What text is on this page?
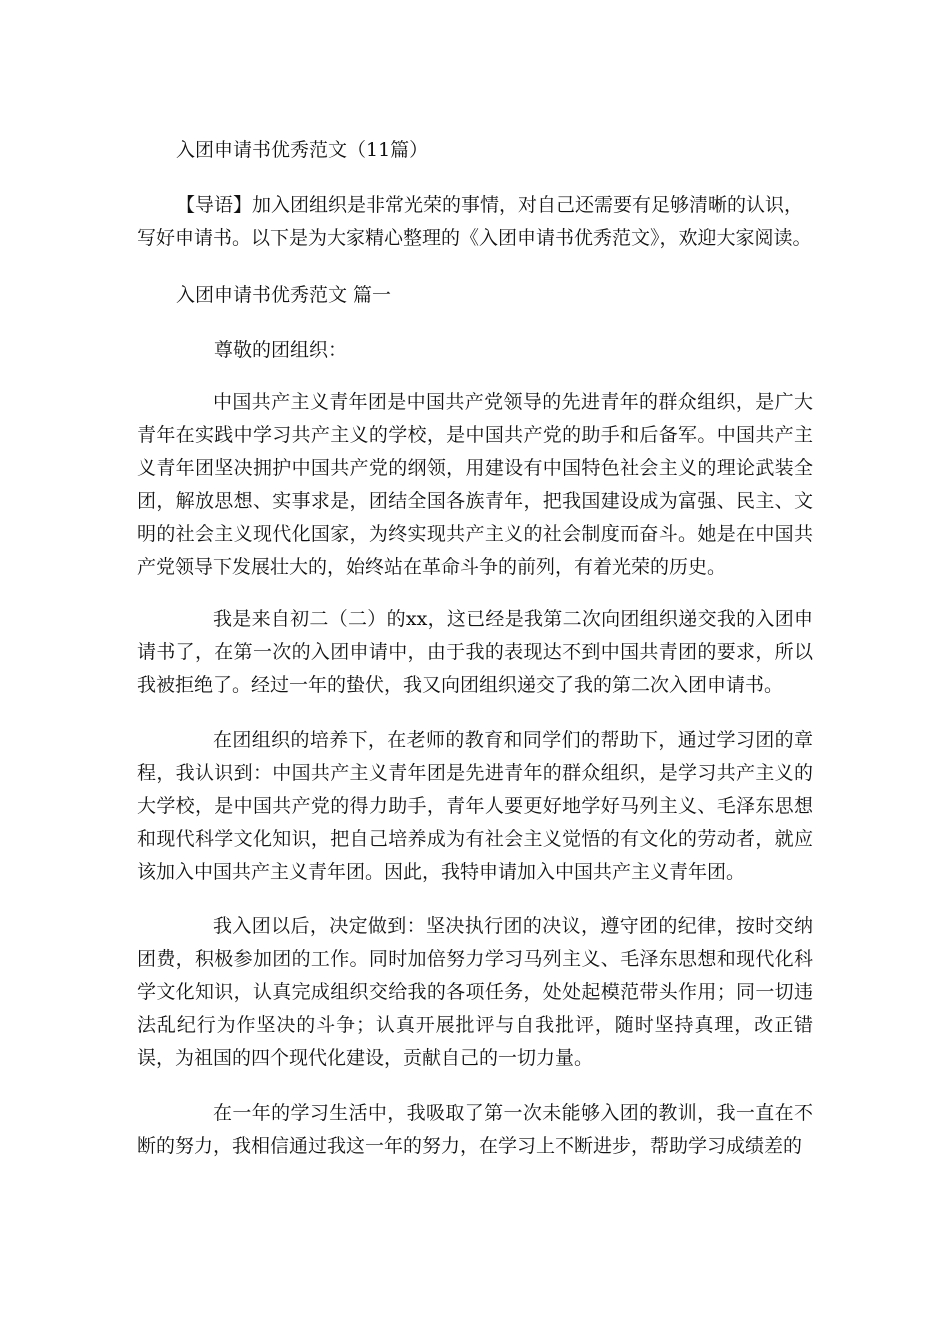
入团申请书优秀范文（11篇）
【导语】加入团组织是非常光荣的事情，对自己还需要有足够清晰的认识，
写好申请书。以下是为大家精心整理的《入团申请书优秀范文》，欢迎大家阅读。
入团申请书优秀范文 篇一
尊敬的团组织：

中国共产主义青年团是中国共产党领导的先进青年的群众组织，是广大青年在实践中学习共产主义的学校，是中国共产党的助手和后备军。中国共产主义青年团坚决拥护中国共产党的纲领，用建设有中国特色社会主义的理论武装全团，解放思想、实事求是，团结全国各族青年，把我国建设成为富强、民主、文明的社会主义现代化国家，为终实现共产主义的社会制度而奋斗。她是在中国共产党领导下发展壮大的，始终站在革命斗争的前列，有着光荣的历史。

我是来自初二（二）的xx，这已经是我第二次向团组织递交我的入团申请书了，在第一次的入团申请中，由于我的表现达不到中国共青团的要求，所以我被拒绝了。经过一年的蛰伏，我又向团组织递交了我的第二次入团申请书。

在团组织的培养下，在老师的教育和同学们的帮助下，通过学习团的章程，我认识到：中国共产主义青年团是先进青年的群众组织，是学习共产主义的大学校，是中国共产党的得力助手，青年人要更好地学好马列主义、毛泽东思想和现代科学文化知识，把自己培养成为有社会主义觉悟的有文化的劳动者，就应该加入中国共产主义青年团。因此，我特申请加入中国共产主义青年团。

我入团以后，决定做到：坚决执行团的决议，遵守团的纪律，按时交纳团费，积极参加团的工作。同时加倍努力学习马列主义、毛泽东思想和现代化科学文化知识，认真完成组织交给我的各项任务，处处起模范带头作用；同一切违法乱纪行为作坚决的斗争；认真开展批评与自我批评，随时坚持真理，改正错误，为祖国的四个现代化建设，贡献自己的一切力量。

在一年的学习生活中，我吸取了第一次未能够入团的教训，我一直在不断的努力，我相信通过我这一年的努力，在学习上不断进步，帮助学习成绩差的
